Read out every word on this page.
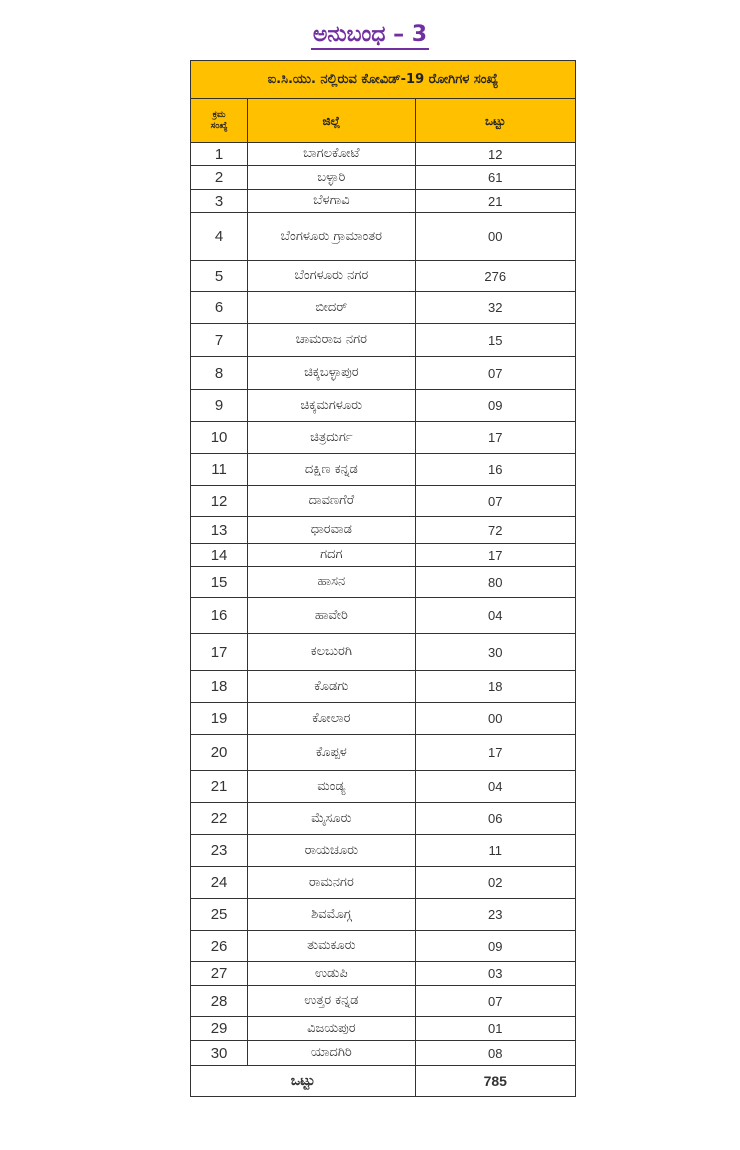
ಅನುಬಂಧ – 3
ಐ.ಸಿ.ಯು. ನಲ್ಲಿರುವ ಕೋವಿಡ್-19 ರೋಗಿಗಳ ಸಂಖ್ಯೆ		
ಕ್ರಮ
ಸಂಖ್ಯೆ	ಜಿಲ್ಲೆ	ಒಟ್ಟು
1	ಬಾಗಲಕೋಟೆ	12
2	ಬಳ್ಳಾರಿ	61
3	ಬೆಳಗಾವಿ	21
4	ಬೆಂಗಳೂರು ಗ್ರಾಮಾಂತರ	00
5	ಬೆಂಗಳೂರು ನಗರ	276
6	ಬೀದರ್	32
7	ಚಾಮರಾಜ ನಗರ	15
8	ಚಿಕ್ಕಬಳ್ಳಾಪುರ	07
9	ಚಿಕ್ಕಮಗಳೂರು	09
10	ಚಿತ್ರದುರ್ಗ	17
11	ದಕ್ಷಿಣ ಕನ್ನಡ	16
12	ದಾವಣಗೆರೆ	07
13	ಧಾರವಾಡ	72
14	ಗದಗ	17
15	ಹಾಸನ	80
16	ಹಾವೇರಿ	04
17	ಕಲಬುರಗಿ	30
18	ಕೊಡಗು	18
19	ಕೋಲಾರ	00
20	ಕೊಪ್ಪಳ	17
21	ಮಂಡ್ಯ	04
22	ಮೈಸೂರು	06
23	ರಾಯಚೂರು	11
24	ರಾಮನಗರ	02
25	ಶಿವಮೊಗ್ಗ	23
26	ತುಮಕೂರು	09
27	ಉಡುಪಿ	03
28	ಉತ್ತರ ಕನ್ನಡ	07
29	ವಿಜಯಪುರ	01
30	ಯಾದಗಿರಿ	08
ಒಟ್ಟು		785
